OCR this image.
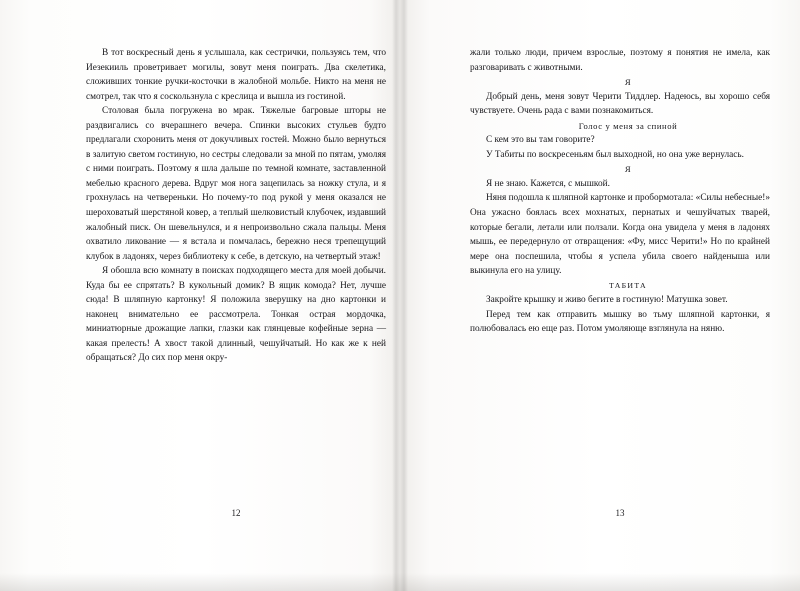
В тот воскресный день я услышала, как сестрички, пользуясь тем, что Иезекииль проветривает могилы, зовут меня поиграть. Два скелетика, сложивших тонкие ручки-косточки в жалобной мольбе. Никто на меня не смотрел, так что я соскользнула с креслица и вышла из гостиной.

Столовая была погружена во мрак. Тяжелые багровые шторы не раздвигались со вчерашнего вечера. Спинки высоких стульев будто предлагали схоронить меня от докучливых гостей. Можно было вернуться в залитую светом гостиную, но сестры следовали за мной по пятам, умоляя с ними поиграть. Поэтому я шла дальше по темной комнате, заставленной мебелью красного дерева. Вдруг моя нога зацепилась за ножку стула, и я грохнулась на четвереньки. Но почему-то под рукой у меня оказался не шероховатый шерстяной ковер, а теплый шелковистый клубочек, издавший жалобный писк. Он шевельнулся, и я непроизвольно сжала пальцы. Меня охватило ликование — я встала и помчалась, бережно неся трепещущий клубок в ладонях, через библиотеку к себе, в детскую, на четвертый этаж!

Я обошла всю комнату в поисках подходящего места для моей добычи. Куда бы ее спрятать? В кукольный домик? В ящик комода? Нет, лучше сюда! В шляпную картонку! Я положила зверушку на дно картонки и наконец внимательно ее рассмотрела. Тонкая острая мордочка, миниатюрные дрожащие лапки, глазки как глянцевые кофейные зерна — какая прелесть! А хвост такой длинный, чешуйчатый. Но как же к ней обращаться? До сих пор меня окру-

жали только люди, причем взрослые, поэтому я понятия не имела, как разговаривать с животными.

Я

Добрый день, меня зовут Черити Тиддлер. Надеюсь, вы хорошо себя чувствуете. Очень рада с вами познакомиться.

Голос у меня за спиной

С кем это вы там говорите?

У Табиты по воскресеньям был выходной, но она уже вернулась.

Я

Я не знаю. Кажется, с мышкой.

Няня подошла к шляпной картонке и пробормотала: «Силы небесные!» Она ужасно боялась всех мохнатых, пернатых и чешуйчатых тварей, которые бегали, летали или ползали. Когда она увидела у меня в ладонях мышь, ее передернуло от отвращения: «Фу, мисс Черити!» Но по крайней мере она поспешила, чтобы я успела убила своего найденыша или выкинула его на улицу.

ТАБИТА

Закройте крышку и живо бегите в гостиную! Матушка зовет.

Перед тем как отправить мышку во тьму шляпной картонки, я полюбовалась ею еще раз. Потом умоляюще взглянула на няню.

12	13
